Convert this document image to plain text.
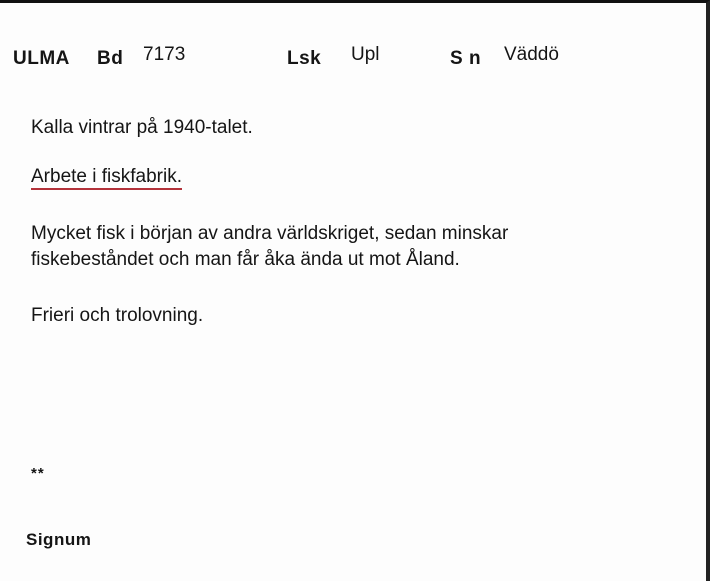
ULMA Bd 7173	Lsk Upl	S n Väddö
Kalla vintrar på 1940-talet.
Arbete i fiskfabrik.
Mycket fisk i början av andra världskriget, sedan minskar fiskebeståndet och man får åka ända ut mot Åland.
Frieri och trolovning.
**
Signum
